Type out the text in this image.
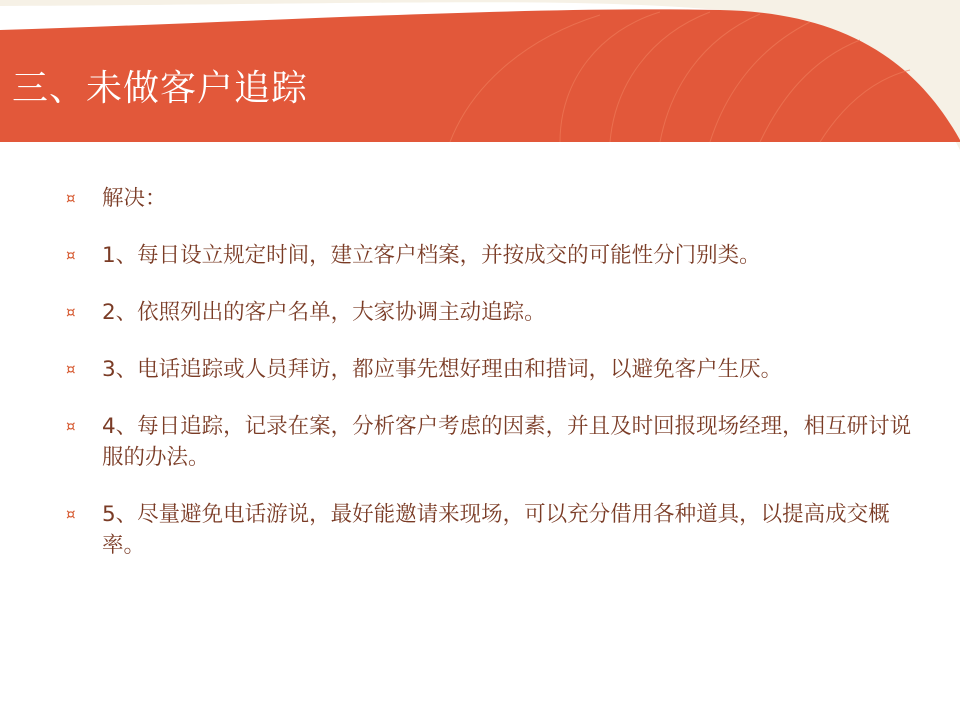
三、未做客户追踪
¤ 解决：
¤ 1、每日设立规定时间，建立客户档案，并按成交的可能性分门别类。
¤ 2、依照列出的客户名单，大家协调主动追踪。
¤ 3、电话追踪或人员拜访，都应事先想好理由和措词，以避免客户生厌。
¤ 4、每日追踪，记录在案，分析客户考虑的因素，并且及时回报现场经理，相互研讨说服的办法。
¤ 5、尽量避免电话游说，最好能邀请来现场，可以充分借用各种道具，以提高成交概率。
